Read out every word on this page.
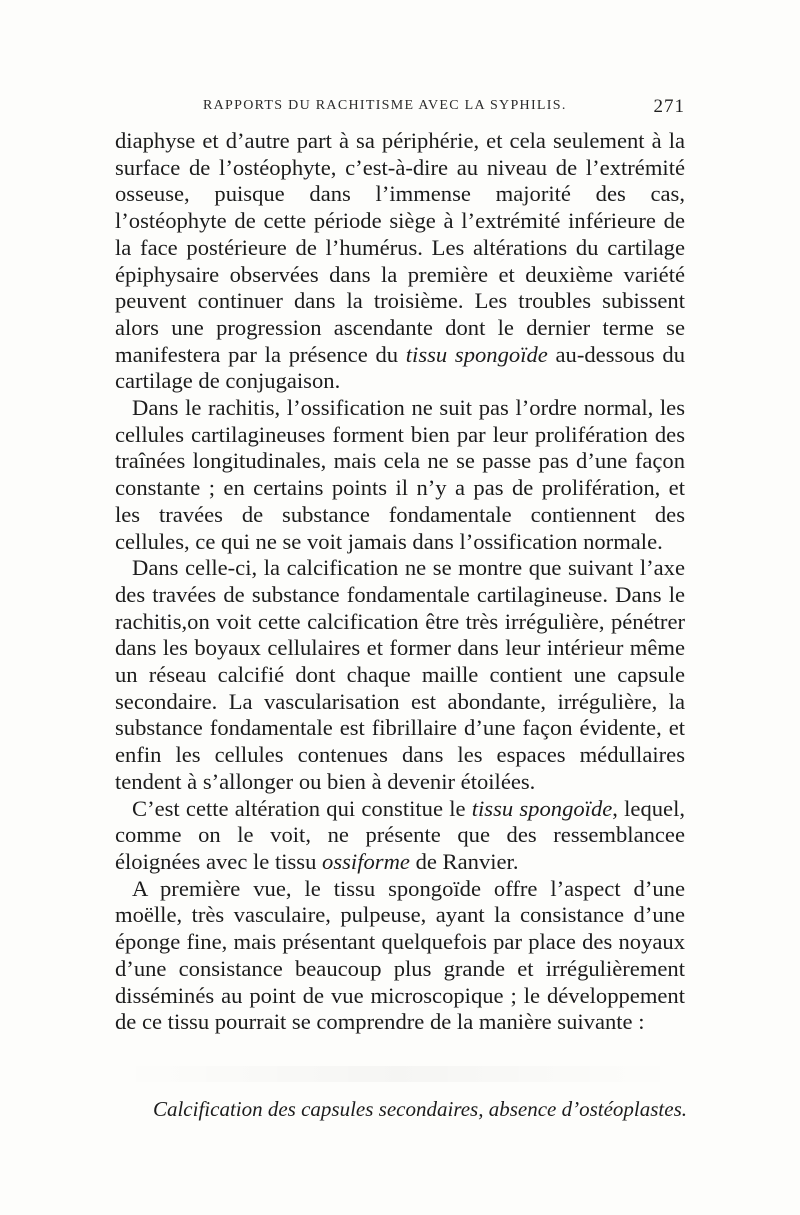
RAPPORTS DU RACHITISME AVEC LA SYPHILIS.	271

diaphyse et d’autre part à sa périphérie, et cela seulement à la surface de l’ostéophyte, c’est-à-dire au niveau de l’extrémité osseuse, puisque dans l’immense majorité des cas, l’ostéophyte de cette période siège à l’extrémité inférieure de la face postérieure de l’humérus. Les altérations du cartilage épiphysaire observées dans la première et deuxième variété peuvent continuer dans la troisième. Les troubles subissent alors une progression ascendante dont le dernier terme se manifestera par la présence du tissu spongoïde au-dessous du cartilage de conjugaison.

Dans le rachitis, l’ossification ne suit pas l’ordre normal, les cellules cartilagineuses forment bien par leur prolifération des traînées longitudinales, mais cela ne se passe pas d’une façon constante ; en certains points il n’y a pas de prolifération, et les travées de substance fondamentale contiennent des cellules, ce qui ne se voit jamais dans l’ossification normale.

Dans celle-ci, la calcification ne se montre que suivant l’axe des travées de substance fondamentale cartilagineuse. Dans le rachitis,on voit cette calcification être très irrégulière, pénétrer dans les boyaux cellulaires et former dans leur intérieur même un réseau calcifié dont chaque maille contient une capsule secondaire. La vascularisation est abondante, irrégulière, la substance fondamentale est fibrillaire d’une façon évidente, et enfin les cellules contenues dans les espaces médullaires tendent à s’allonger ou bien à devenir étoilées.

C’est cette altération qui constitue le tissu spongoïde, lequel, comme on le voit, ne présente que des ressemblancee éloignées avec le tissu ossiforme de Ranvier.

A première vue, le tissu spongoïde offre l’aspect d’une moëlle, très vasculaire, pulpeuse, ayant la consistance d’une éponge fine, mais présentant quelquefois par place des noyaux d’une consistance beaucoup plus grande et irrégulièrement disséminés au point de vue microscopique ; le développement de ce tissu pourrait se comprendre de la manière suivante :

Calcification des capsules secondaires, absence d’ostéoplastes.
